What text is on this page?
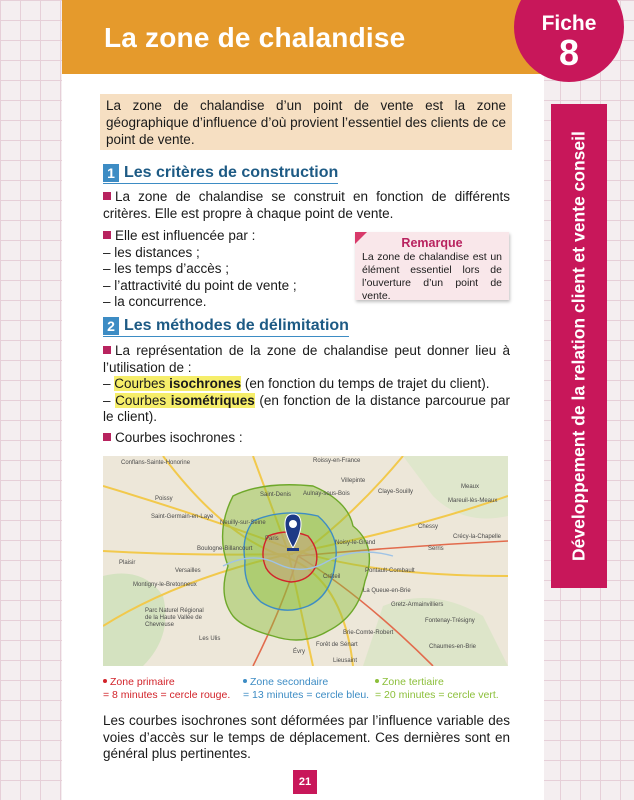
La zone de chalandise	Fiche
8
Développement de la relation client et vente conseil
La zone de chalandise d’un point de vente est la zone géographique d’influence d’où provient l’essentiel des clients de ce point de vente.
1 Les critères de construction
La zone de chalandise se construit en fonction de différents critères. Elle est propre à chaque point de vente.
Elle est influencée par :
– les distances ;
– les temps d’accès ;
– l’attractivité du point de vente ;
– la concurrence.
Remarque
La zone de chalandise est un élément essentiel lors de l’ouverture d’un point de vente.
2 Les méthodes de délimitation
La représentation de la zone de chalandise peut donner lieu à l’utilisation de :
– Courbes isochrones (en fonction du temps de trajet du client).
– Courbes isométriques (en fonction de la distance parcourue par le client).
Courbes isochrones :
Conflans-Sainte-Honorine	Roissy-en-France
Villepinte
Meaux
Claye-Souilly
Poissy
Aulnay-sous-Bois
Mareuil-lès-Meaux
Saint-Denis
Saint-Germain-en-Laye
Chessy
Neuilly-sur-Seine
Boulogne-Billancourt
Paris
Noisy-le-Grand
Crécy-la-Chapelle
Serris
Plaisir
Versailles	Pontault-Combault
Montigny-le-Bretonneux
Créteil
Gretz-Armainvilliers
La Queue-en-Brie
Parc Naturel Régional de la Haute Vallée de Chevreuse
Fontenay-Trésigny
Les Ulis
Brie-Comte-Robert
Évry
Chaumes-en-Brie
Forêt de Sénart
Lieusaint
Zone primaire
= 8 minutes = cercle rouge.
Zone secondaire
= 13 minutes = cercle bleu.
Zone tertiaire
= 20 minutes = cercle vert.
Les courbes isochrones sont déformées par l’influence variable des voies d’accès sur le temps de déplacement. Ces dernières sont en général plus pertinentes.
21
